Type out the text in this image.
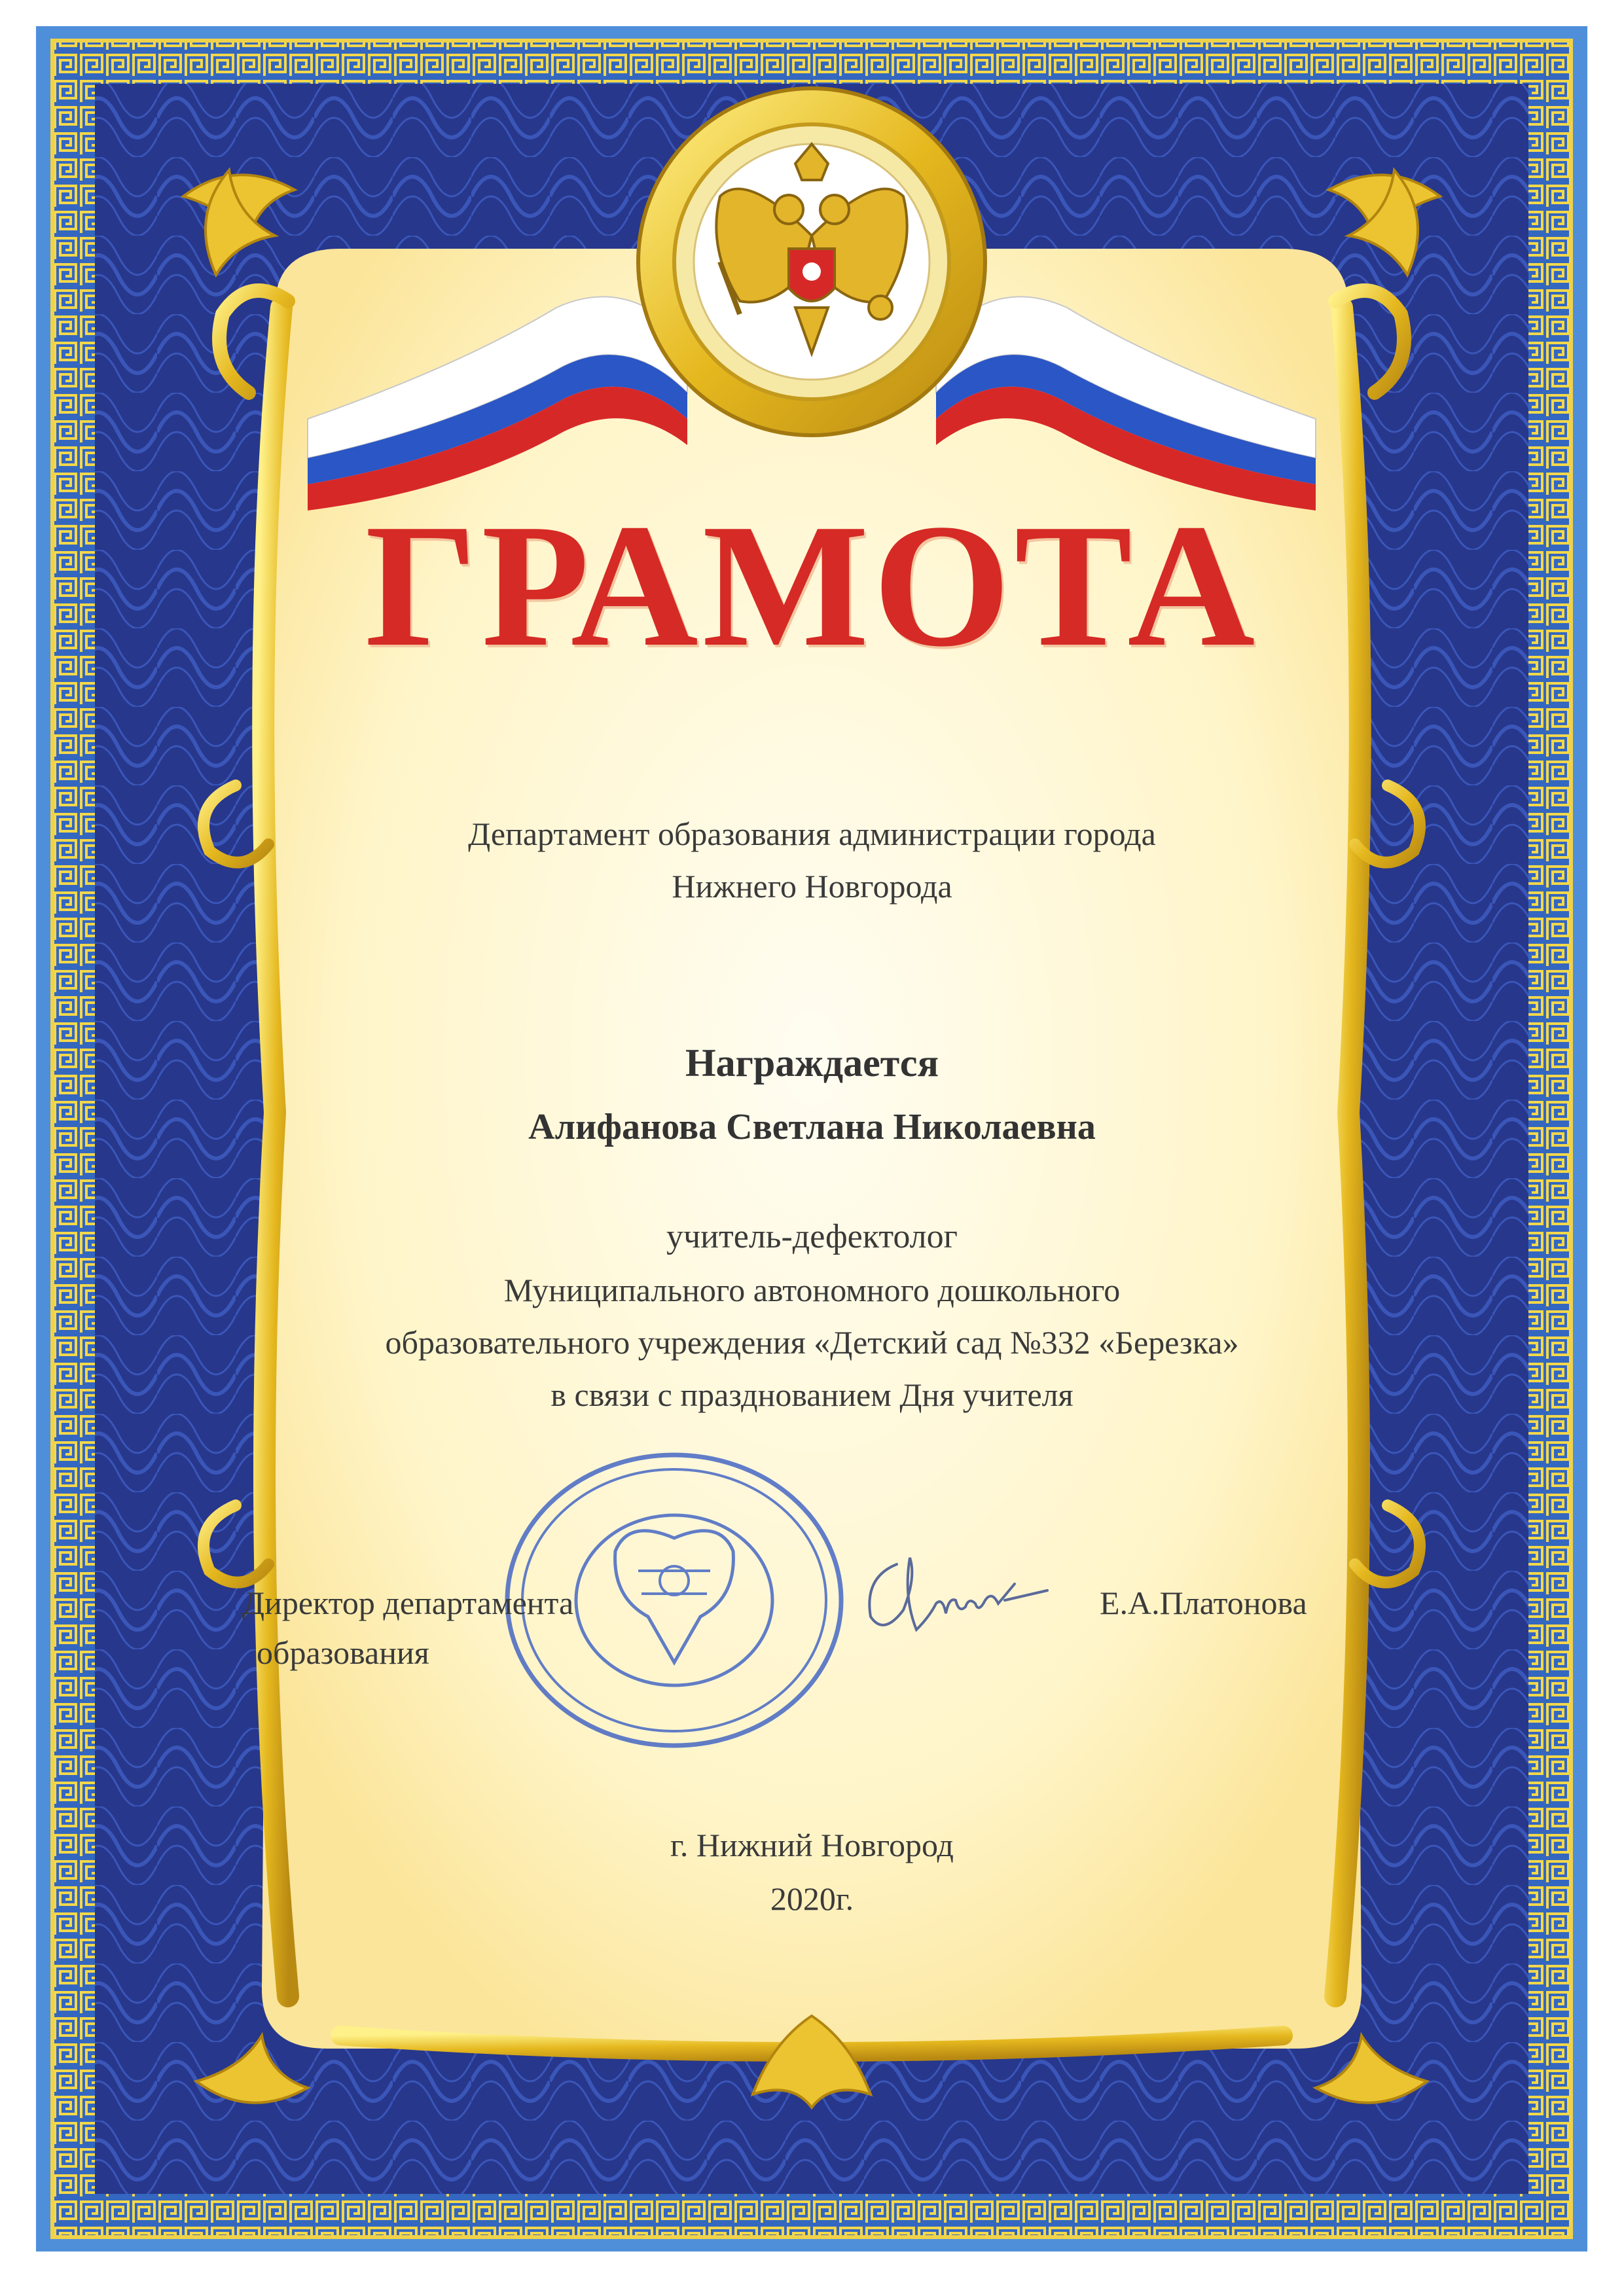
ГРАМОТА
Департамент образования администрации города
Нижнего Новгорода
Награждается
Алифанова Светлана Николаевна
учитель-дефектолог
Муниципального автономного дошкольного
образовательного учреждения «Детский сад №332 «Березка»
в связи с празднованием Дня учителя
Директор департамента
образования
Е.А.Платонова
г. Нижний Новгород
2020г.
